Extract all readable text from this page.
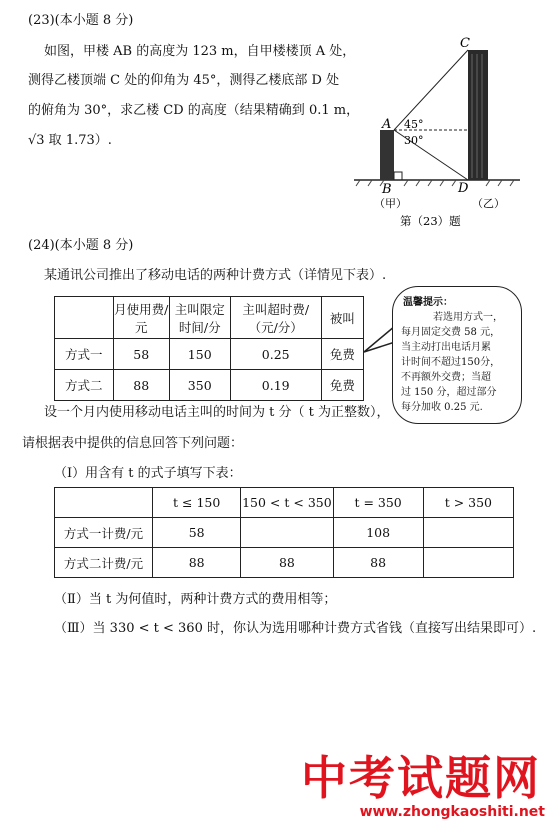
(23)(本小题 8 分)
如图，甲楼 AB 的高度为 123 m，自甲楼楼顶 A 处，
测得乙楼顶端 C 处的仰角为 45°，测得乙楼底部 D 处
的俯角为 30°，求乙楼 CD 的高度（结果精确到 0.1 m，
√3 取 1.73）.
A
B
C
D
45°
30°
（甲）	（乙）
第（23）题
(24)(本小题 8 分)
某通讯公司推出了移动电话的两种计费方式（详情见下表）.
	月使用费/元	主叫限定时间/分	主叫超时费/（元/分）	被叫
方式一	58	150	0.25	免费
方式二	88	350	0.19	免费
温馨提示：
若选用方式一，
每月固定交费 58 元，
当主动打出电话月累
计时间不超过150分，
不再额外交费；当超
过 150 分，超过部分
每分加收 0.25 元.
设一个月内使用移动电话主叫的时间为 t 分（ t 为正整数），
请根据表中提供的信息回答下列问题：
（Ⅰ）用含有 t 的式子填写下表：
	t ≤ 150	150 < t < 350	t = 350	t > 350
方式一计费/元	58		108	
方式二计费/元	88	88	88	
（Ⅱ）当 t 为何值时，两种计费方式的费用相等；
（Ⅲ）当 330 < t < 360 时，你认为选用哪种计费方式省钱（直接写出结果即可）.
中考试题网
www.zhongkaoshiti.net
